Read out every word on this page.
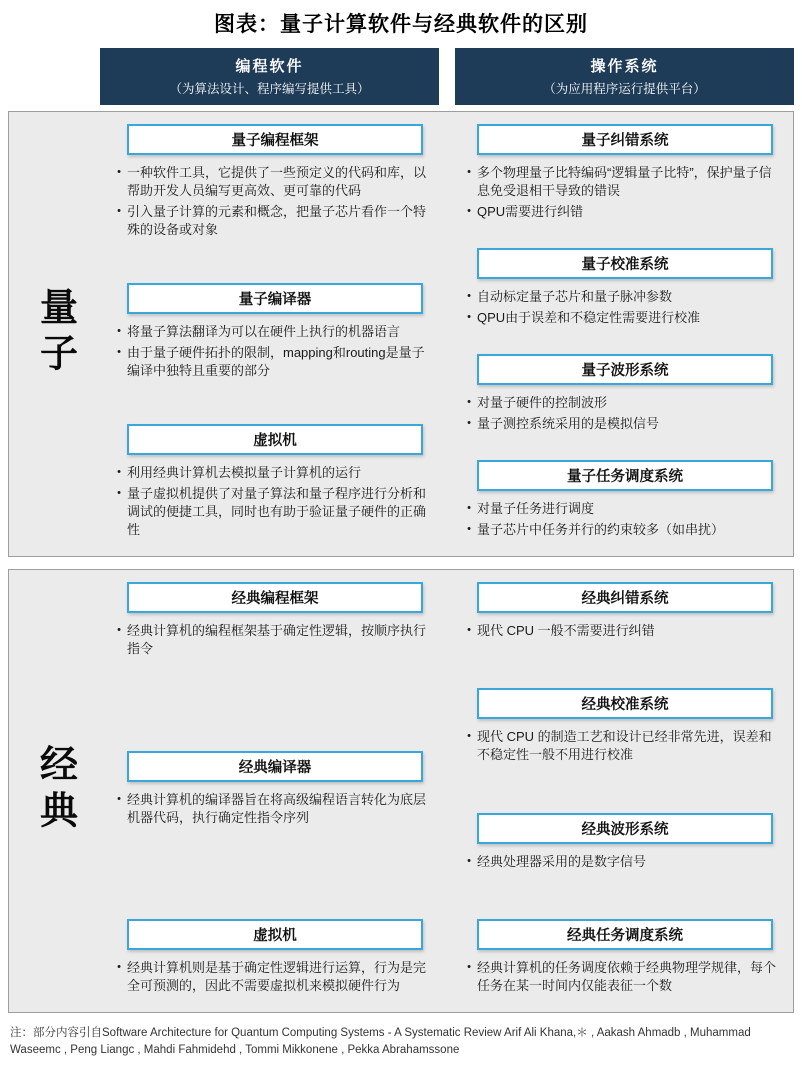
图表：量子计算软件与经典软件的区别
编程软件
（为算法设计、程序编写提供工具）
操作系统
（为应用程序运行提供平台）
量子
量子编程框架
• 一种软件工具，它提供了一些预定义的代码和库，以帮助开发人员编写更高效、更可靠的代码
• 引入量子计算的元素和概念，把量子芯片看作一个特殊的设备或对象
量子编译器
• 将量子算法翻译为可以在硬件上执行的机器语言
• 由于量子硬件拓扑的限制，mapping和routing是量子编译中独特且重要的部分
虚拟机
• 利用经典计算机去模拟量子计算机的运行
• 量子虚拟机提供了对量子算法和量子程序进行分析和调试的便捷工具，同时也有助于验证量子硬件的正确性
量子纠错系统
• 多个物理量子比特编码“逻辑量子比特”，保护量子信息免受退相干导致的错误
• QPU需要进行纠错
量子校准系统
• 自动标定量子芯片和量子脉冲参数
• QPU由于误差和不稳定性需要进行校准
量子波形系统
• 对量子硬件的控制波形
• 量子测控系统采用的是模拟信号
量子任务调度系统
• 对量子任务进行调度
• 量子芯片中任务并行的约束较多（如串扰）
经典
经典编程框架
• 经典计算机的编程框架基于确定性逻辑，按顺序执行指令
经典编译器
• 经典计算机的编译器旨在将高级编程语言转化为底层机器代码，执行确定性指令序列
虚拟机
• 经典计算机则是基于确定性逻辑进行运算，行为是完全可预测的，因此不需要虚拟机来模拟硬件行为
经典纠错系统
• 现代 CPU 一般不需要进行纠错
经典校准系统
• 现代 CPU 的制造工艺和设计已经非常先进，误差和不稳定性一般不用进行校准
经典波形系统
• 经典处理器采用的是数字信号
经典任务调度系统
• 经典计算机的任务调度依赖于经典物理学规律，每个任务在某一时间内仅能表征一个数
注：部分内容引自Software Architecture for Quantum Computing Systems - A Systematic Review Arif Ali Khana,＊ , Aakash Ahmadb , Muhammad Waseemc , Peng Liangc , Mahdi Fahmidehd , Tommi Mikkonene , Pekka Abrahamssone
